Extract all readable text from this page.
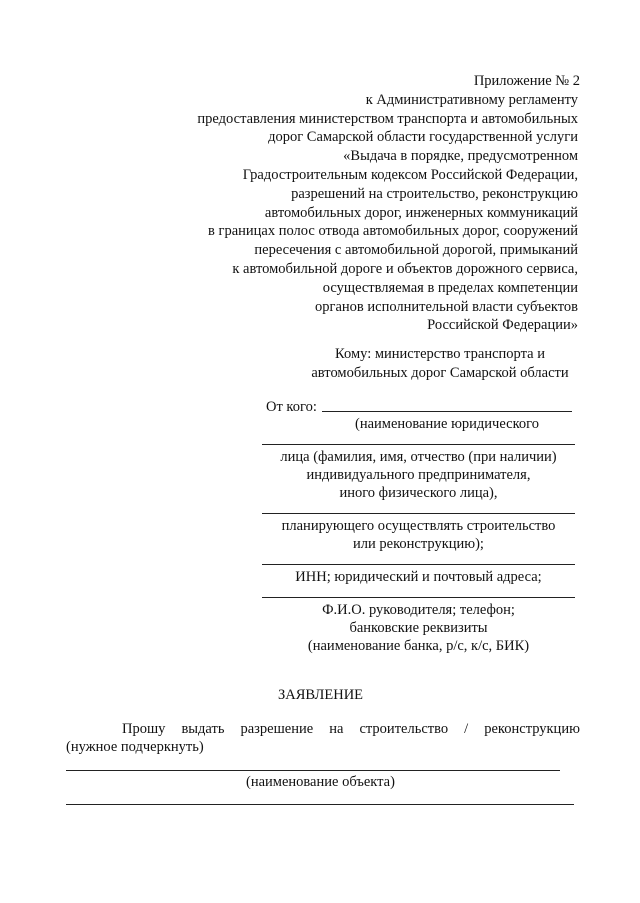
Приложение № 2
к Административному регламенту
предоставления министерством транспорта и автомобильных
дорог Самарской области государственной услуги
«Выдача в порядке, предусмотренном
Градостроительным кодексом Российской Федерации,
разрешений на строительство, реконструкцию
автомобильных дорог, инженерных коммуникаций
в границах полос отвода автомобильных дорог, сооружений
пересечения с автомобильной дорогой, примыканий
к автомобильной дороге и объектов дорожного сервиса,
осуществляемая в пределах компетенции
органов исполнительной власти субъектов
Российской Федерации»
Кому: министерство транспорта и
автомобильных дорог Самарской области
От кого:
(наименование юридического
лица (фамилия, имя, отчество (при наличии)
индивидуального предпринимателя,
иного физического лица),
планирующего осуществлять строительство
или реконструкцию);
ИНН; юридический и почтовый адреса;
Ф.И.О. руководителя; телефон;
банковские реквизиты
(наименование банка, р/с, к/с, БИК)
ЗАЯВЛЕНИЕ
Прошу выдать разрешение на строительство / реконструкцию
(нужное подчеркнуть)
(наименование объекта)
